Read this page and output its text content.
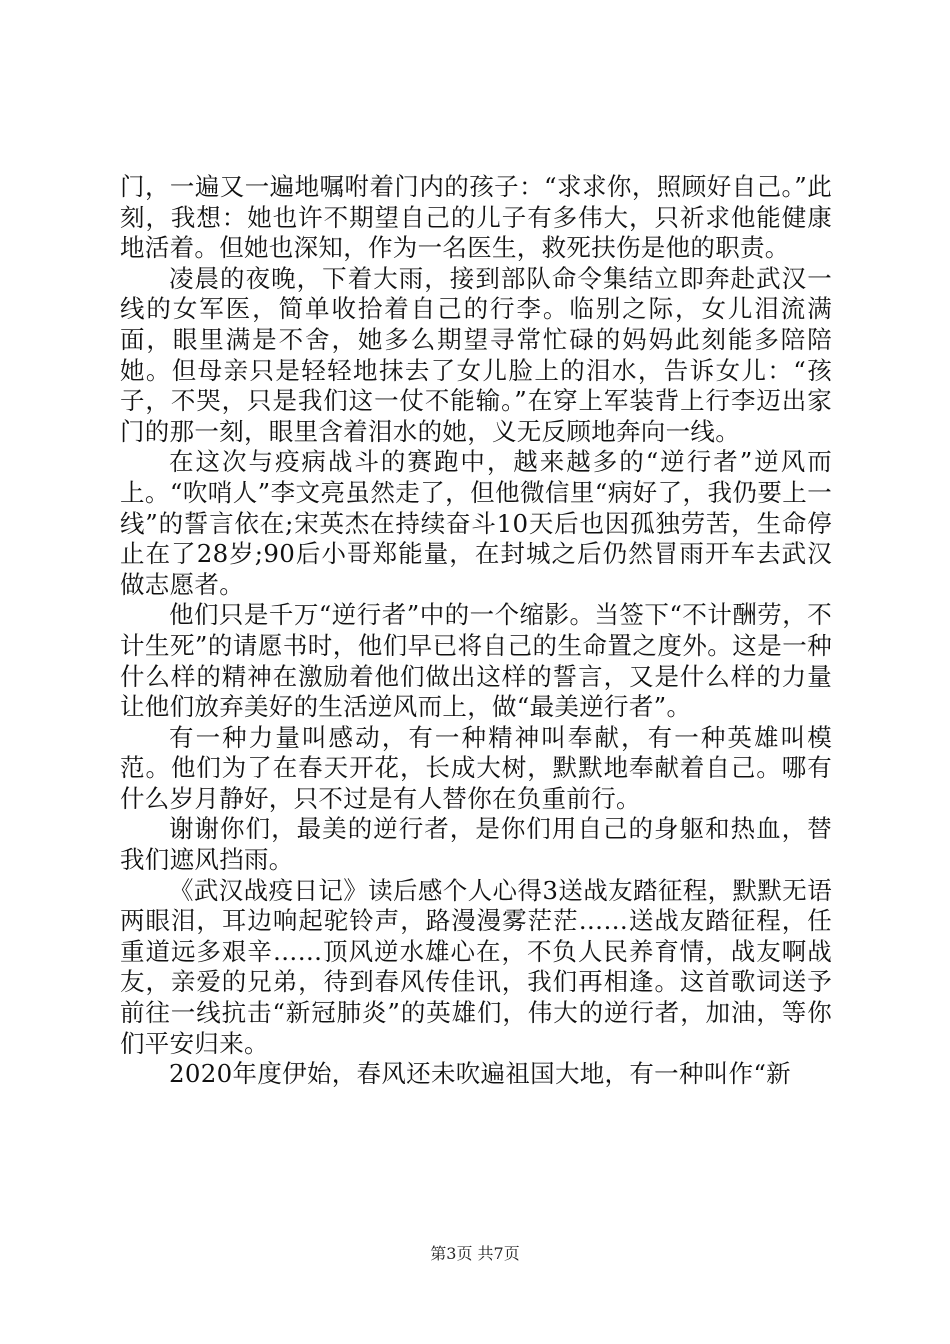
门，一遍又一遍地嘱咐着门内的孩子：“求求你，照顾好自己。”此刻，我想：她也许不期望自己的儿子有多伟大，只祈求他能健康地活着。但她也深知，作为一名医生，救死扶伤是他的职责。

凌晨的夜晚，下着大雨，接到部队命令集结立即奔赴武汉一线的女军医，简单收拾着自己的行李。临别之际，女儿泪流满面，眼里满是不舍，她多么期望寻常忙碌的妈妈此刻能多陪陪她。但母亲只是轻轻地抹去了女儿脸上的泪水，告诉女儿：“孩子，不哭，只是我们这一仗不能输。”在穿上军装背上行李迈出家门的那一刻，眼里含着泪水的她，义无反顾地奔向一线。

在这次与疫病战斗的赛跑中，越来越多的“逆行者”逆风而上。“吹哨人”李文亮虽然走了，但他微信里“病好了，我仍要上一线”的誓言依在;宋英杰在持续奋斗10天后也因孤独劳苦，生命停止在了28岁;90后小哥郑能量，在封城之后仍然冒雨开车去武汉做志愿者。

他们只是千万“逆行者”中的一个缩影。当签下“不计酬劳，不计生死”的请愿书时，他们早已将自己的生命置之度外。这是一种什么样的精神在激励着他们做出这样的誓言，又是什么样的力量让他们放弃美好的生活逆风而上，做“最美逆行者”。

有一种力量叫感动，有一种精神叫奉献，有一种英雄叫模范。他们为了在春天开花，长成大树，默默地奉献着自己。哪有什么岁月静好，只不过是有人替你在负重前行。

谢谢你们，最美的逆行者，是你们用自己的身躯和热血，替我们遮风挡雨。

《武汉战疫日记》读后感个人心得3送战友踏征程，默默无语两眼泪，耳边响起驼铃声，路漫漫雾茫茫……送战友踏征程，任重道远多艰辛……顶风逆水雄心在，不负人民养育情，战友啊战友，亲爱的兄弟，待到春风传佳讯，我们再相逢。这首歌词送予前往一线抗击“新冠肺炎”的英雄们，伟大的逆行者，加油，等你们平安归来。

2020年度伊始，春风还未吹遍祖国大地，有一种叫作“新

第3页 共7页
